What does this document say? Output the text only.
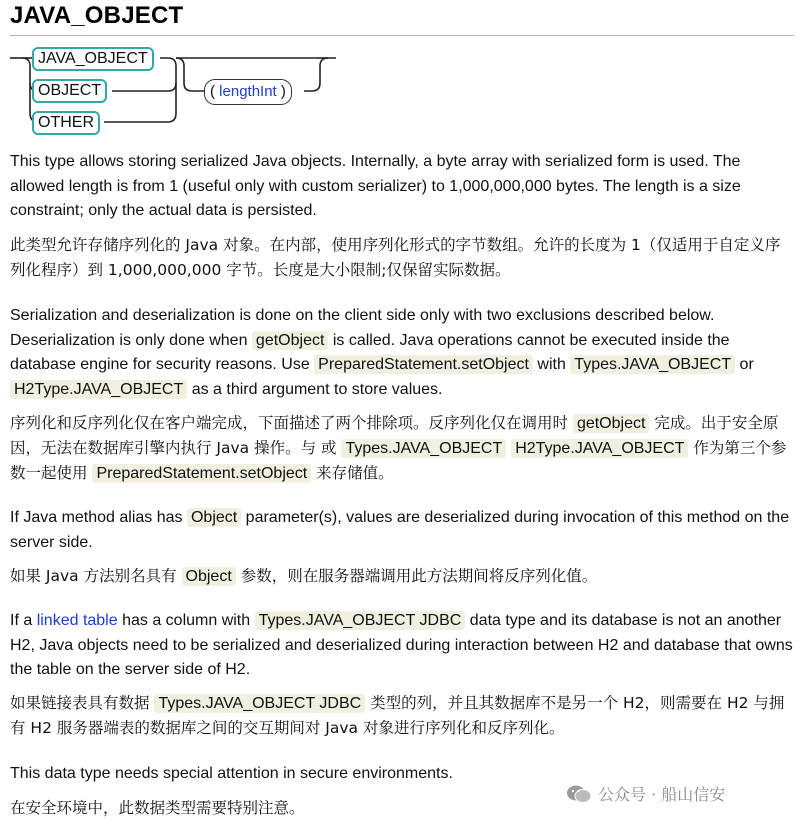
JAVA_OBJECT
JAVA_OBJECT
OBJECT
OTHER
( lengthInt )

This type allows storing serialized Java objects. Internally, a byte array with serialized form is used. The allowed length is from 1 (useful only with custom serializer) to 1,000,000,000 bytes. The length is a size constraint; only the actual data is persisted.

此类型允许存储序列化的 Java 对象。在内部，使用序列化形式的字节数组。允许的长度为 1（仅适用于自定义序列化程序）到 1,000,000,000 字节。长度是大小限制;仅保留实际数据。

Serialization and deserialization is done on the client side only with two exclusions described below. Deserialization is only done when getObject is called. Java operations cannot be executed inside the database engine for security reasons. Use PreparedStatement.setObject with Types.JAVA_OBJECT or H2Type.JAVA_OBJECT as a third argument to store values.

序列化和反序列化仅在客户端完成，下面描述了两个排除项。反序列化仅在调用时 getObject 完成。出于安全原因，无法在数据库引擎内执行 Java 操作。与 或 Types.JAVA_OBJECT H2Type.JAVA_OBJECT 作为第三个参数一起使用 PreparedStatement.setObject 来存储值。

If Java method alias has Object parameter(s), values are deserialized during invocation of this method on the server side.

如果 Java 方法别名具有 Object 参数，则在服务器端调用此方法期间将反序列化值。

If a linked table has a column with Types.JAVA_OBJECT JDBC data type and its database is not an another H2, Java objects need to be serialized and deserialized during interaction between H2 and database that owns the table on the server side of H2.

如果链接表具有数据 Types.JAVA_OBJECT JDBC 类型的列，并且其数据库不是另一个 H2，则需要在 H2 与拥有 H2 服务器端表的数据库之间的交互期间对 Java 对象进行序列化和反序列化。

This data type needs special attention in secure environments.

在安全环境中，此数据类型需要特别注意。

公众号 · 船山信安
